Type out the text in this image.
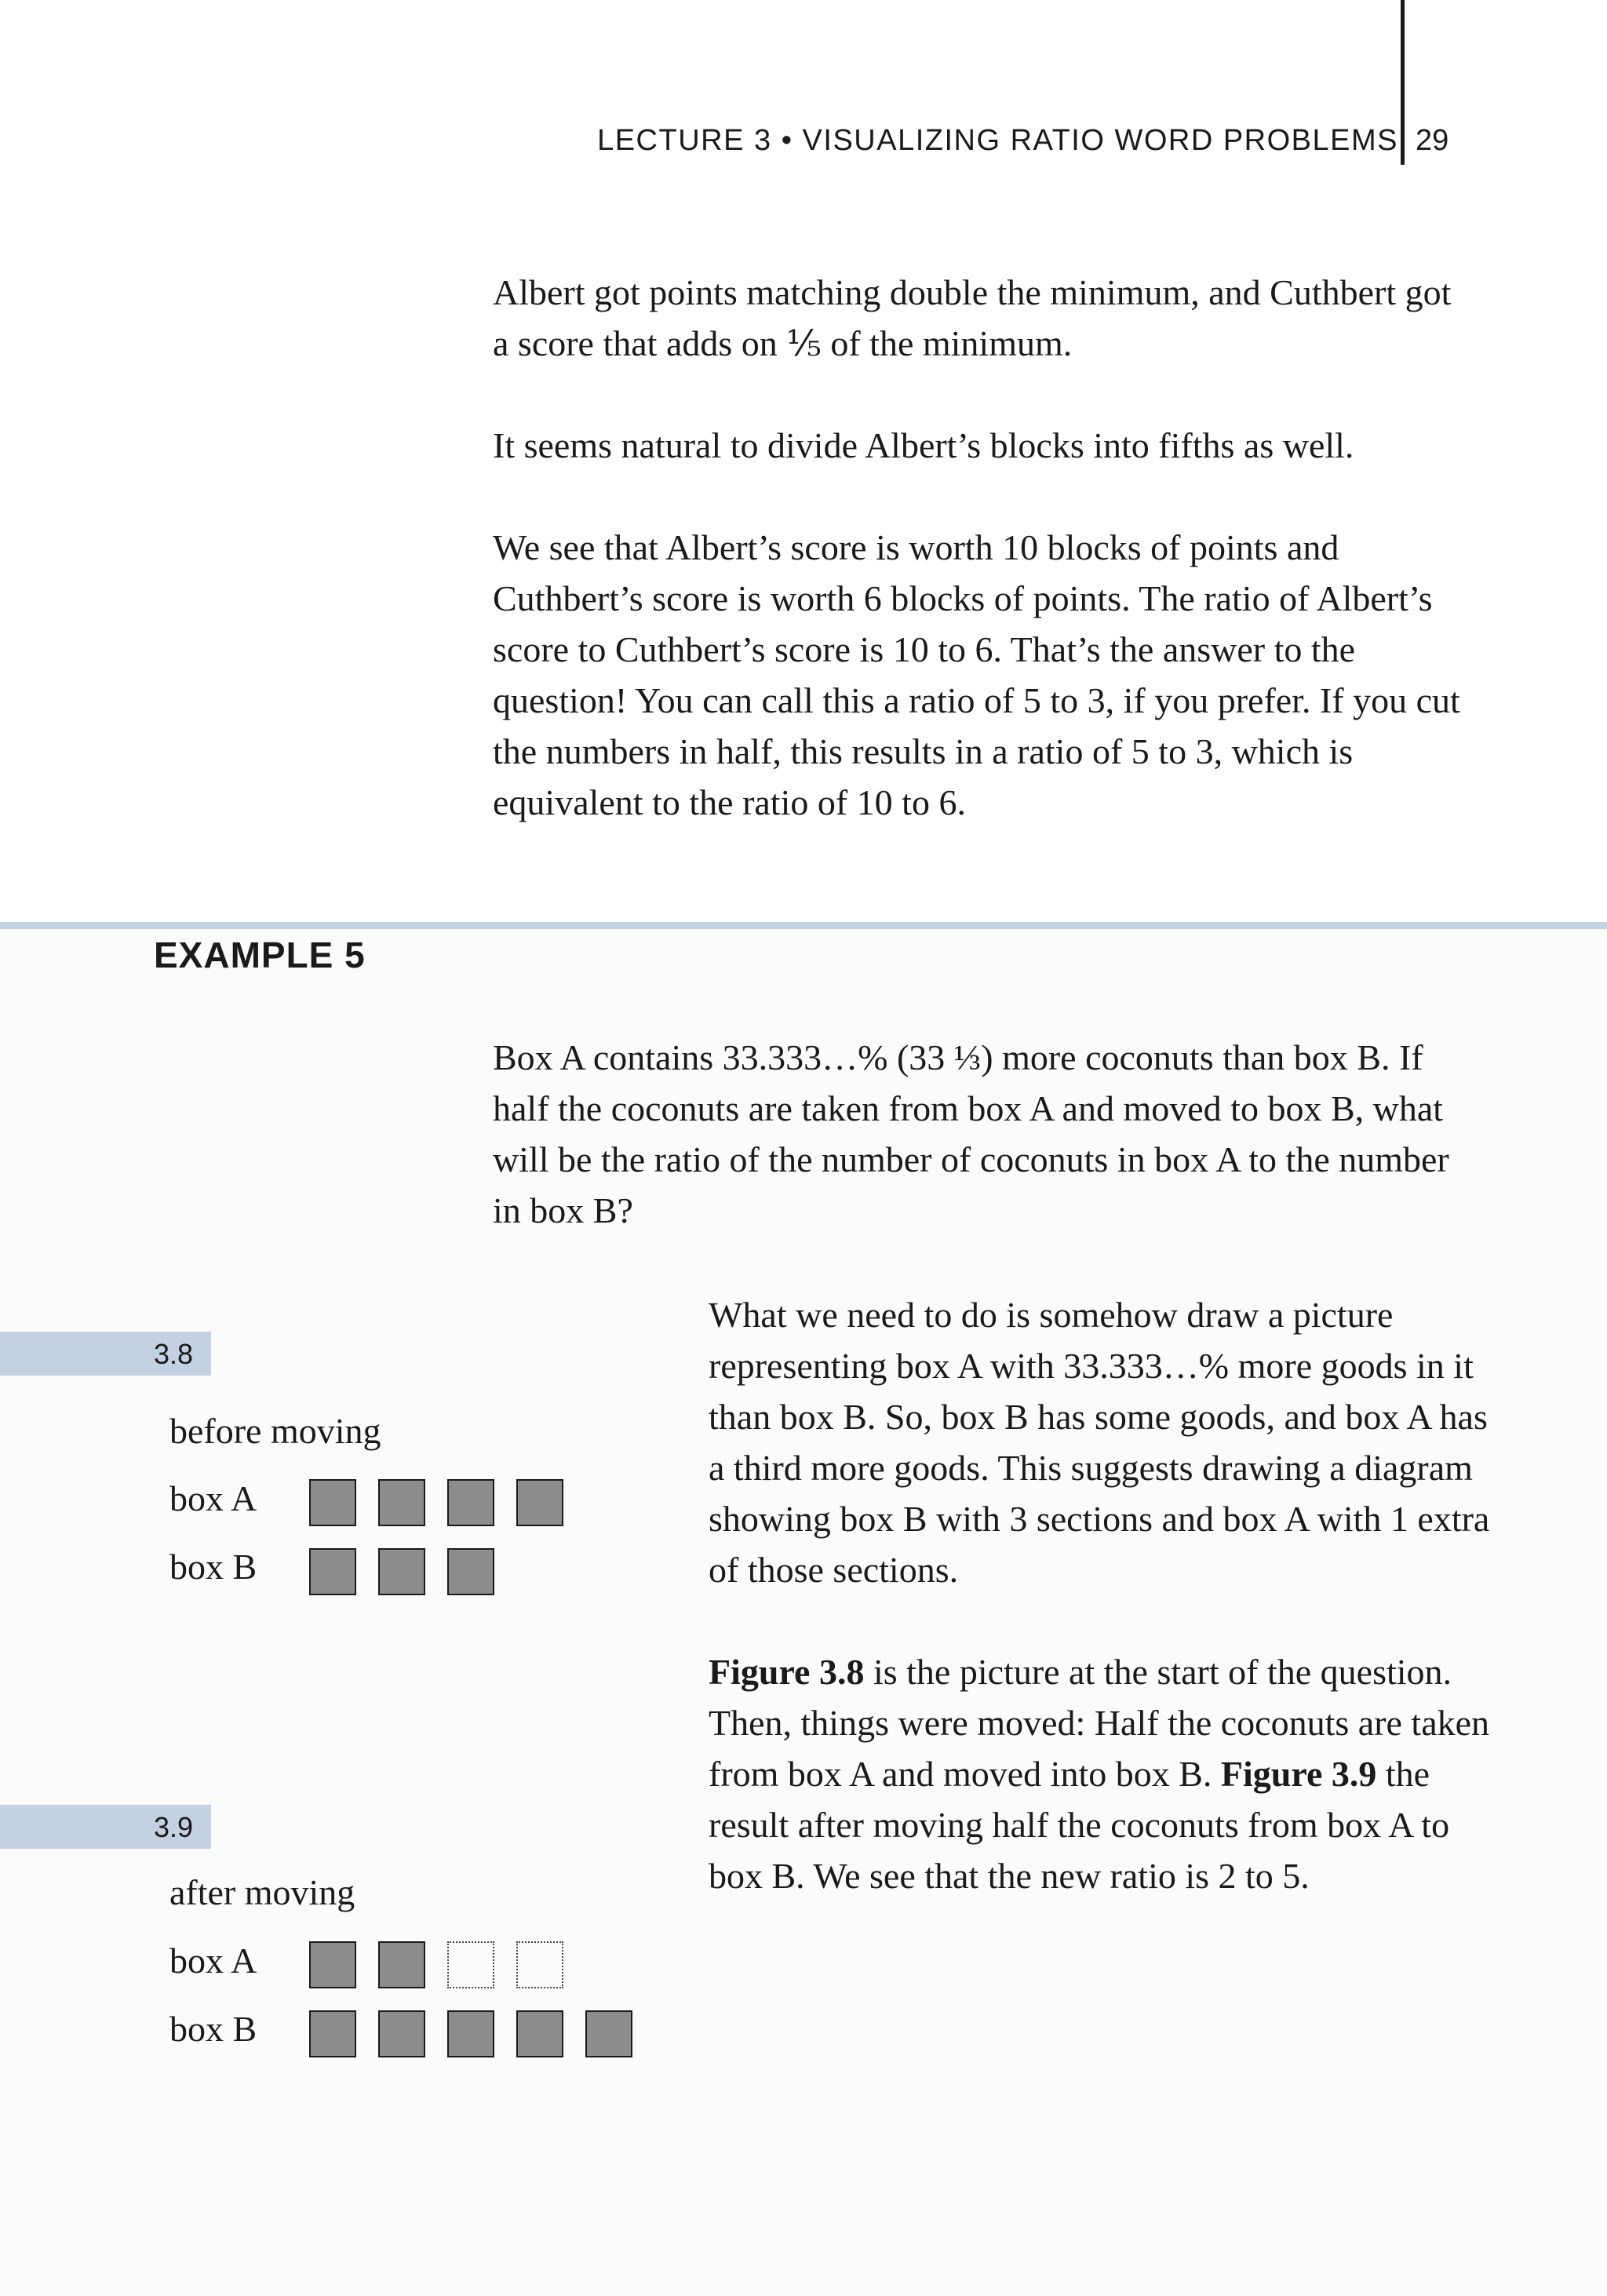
LECTURE 3 • VISUALIZING RATIO WORD PROBLEMS 29

Albert got points matching double the minimum, and Cuthbert got a score that adds on ⅕ of the minimum.

It seems natural to divide Albert’s blocks into fifths as well.

We see that Albert’s score is worth 10 blocks of points and Cuthbert’s score is worth 6 blocks of points. The ratio of Albert’s score to Cuthbert’s score is 10 to 6. That’s the answer to the question! You can call this a ratio of 5 to 3, if you prefer. If you cut the numbers in half, this results in a ratio of 5 to 3, which is equivalent to the ratio of 10 to 6.

EXAMPLE 5

Box A contains 33.333…% (33 ⅓) more coconuts than box B. If half the coconuts are taken from box A and moved to box B, what will be the ratio of the number of coconuts in box A to the number in box B?

What we need to do is somehow draw a picture representing box A with 33.333…% more goods in it than box B. So, box B has some goods, and box A has a third more goods. This suggests drawing a diagram showing box B with 3 sections and box A with 1 extra of those sections.

Figure 3.8 is the picture at the start of the question. Then, things were moved: Half the coconuts are taken from box A and moved into box B. Figure 3.9 the result after moving half the coconuts from box A to box B. We see that the new ratio is 2 to 5.

3.8
before moving
box A
box B
3.9
after moving
box A
box B
